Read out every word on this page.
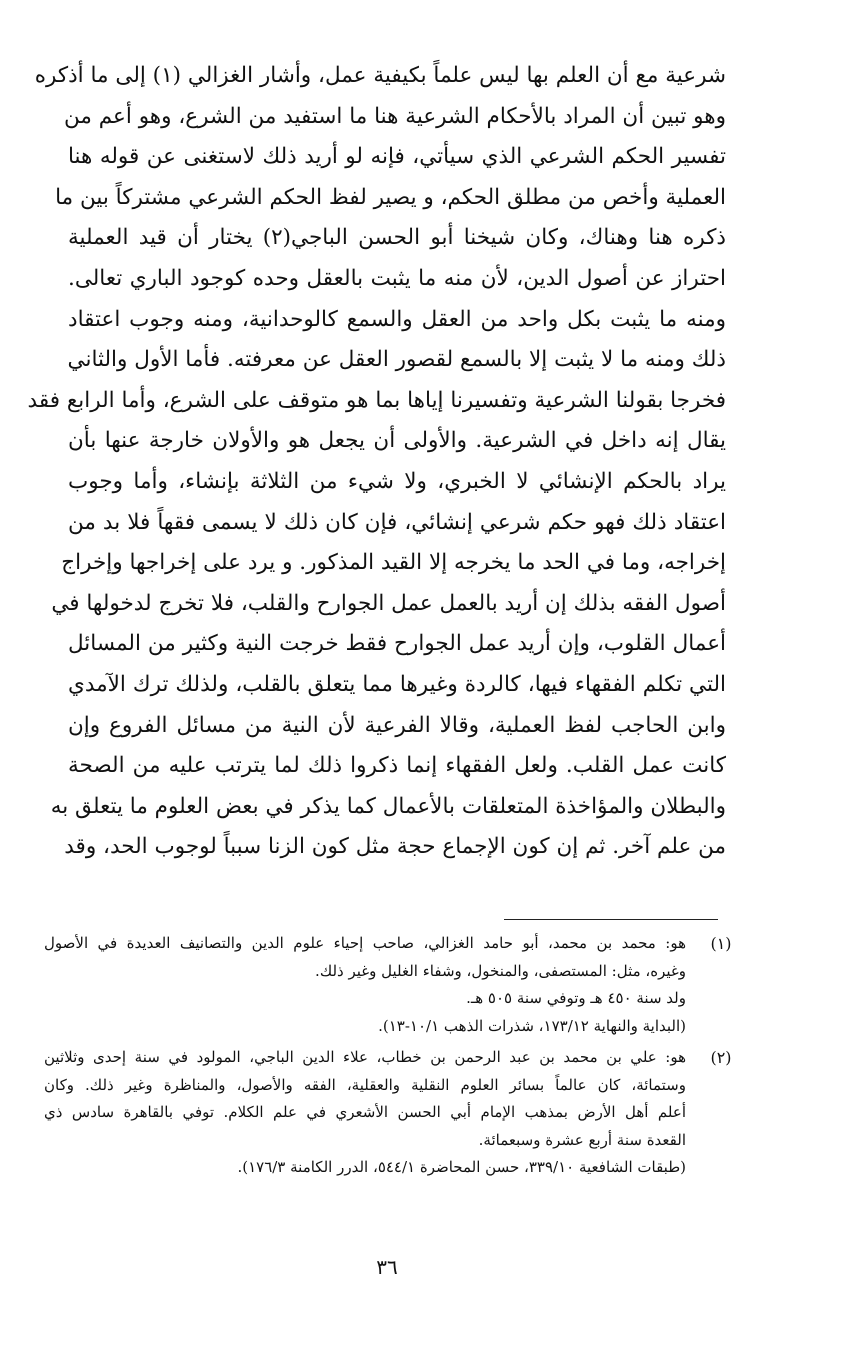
شرعية مع أن العلم بها ليس علماً بكيفية عمل، وأشار الغزالي (١) إلى ما أذكره
وهو تبين أن المراد بالأحكام الشرعية هنا ما استفيد من الشرع، وهو أعم من
تفسير الحكم الشرعي الذي سيأتي، فإنه لو أريد ذلك لاستغنى عن قوله هنا
العملية وأخص من مطلق الحكم، و يصير لفظ الحكم الشرعي مشتركاً بين ما
ذكره هنا وهناك، وكان شيخنا أبو الحسن الباجي(٢) يختار أن قيد العملية
احتراز عن أصول الدين، لأن منه ما يثبت بالعقل وحده كوجود الباري تعالى.
ومنه ما يثبت بكل واحد من العقل والسمع كالوحدانية، ومنه وجوب اعتقاد
ذلك ومنه ما لا يثبت إلا بالسمع لقصور العقل عن معرفته. فأما الأول والثاني
فخرجا بقولنا الشرعية وتفسيرنا إياها بما هو متوقف على الشرع، وأما الرابع فقد
يقال إنه داخل في الشرعية. والأولى أن يجعل هو والأولان خارجة عنها بأن
يراد بالحكم الإنشائي لا الخبري، ولا شيء من الثلاثة بإنشاء، وأما وجوب
اعتقاد ذلك فهو حكم شرعي إنشائي، فإن كان ذلك لا يسمى فقهاً فلا بد من
إخراجه، وما في الحد ما يخرجه إلا القيد المذكور. و يرد على إخراجها وإخراج
أصول الفقه بذلك إن أريد بالعمل عمل الجوارح والقلب، فلا تخرج لدخولها في
أعمال القلوب، وإن أريد عمل الجوارح فقط خرجت النية وكثير من المسائل
التي تكلم الفقهاء فيها، كالردة وغيرها مما يتعلق بالقلب، ولذلك ترك الآمدي
وابن الحاجب لفظ العملية، وقالا الفرعية لأن النية من مسائل الفروع وإن
كانت عمل القلب. ولعل الفقهاء إنما ذكروا ذلك لما يترتب عليه من الصحة
والبطلان والمؤاخذة المتعلقات بالأعمال كما يذكر في بعض العلوم ما يتعلق به
من علم آخر. ثم إن كون الإجماع حجة مثل كون الزنا سبباً لوجوب الحد، وقد
(١)
هو: محمد بن محمد، أبو حامد الغزالي، صاحب إحياء علوم الدين والتصانيف العديدة في الأصول
وغيره، مثل: المستصفى، والمنخول، وشفاء الغليل وغير ذلك.
ولد سنة ٤٥٠ هـ وتوفي سنة ٥٠٥ هـ.
(البداية والنهاية ١٧٣/١٢، شذرات الذهب ١٠/١-١٣).
(٢)
هو: علي بن محمد بن عبد الرحمن بن خطاب، علاء الدين الباجي، المولود في سنة إحدى وثلاثين
وستمائة، كان عالماً بسائر العلوم النقلية والعقلية، الفقه والأصول، والمناظرة وغير ذلك. وكان
أعلم أهل الأرض بمذهب الإمام أبي الحسن الأشعري في علم الكلام. توفي بالقاهرة سادس ذي
القعدة سنة أربع عشرة وسبعمائة.
(طبقات الشافعية ٣٣٩/١٠، حسن المحاضرة ٥٤٤/١، الدرر الكامنة ١٧٦/٣).
٣٦
